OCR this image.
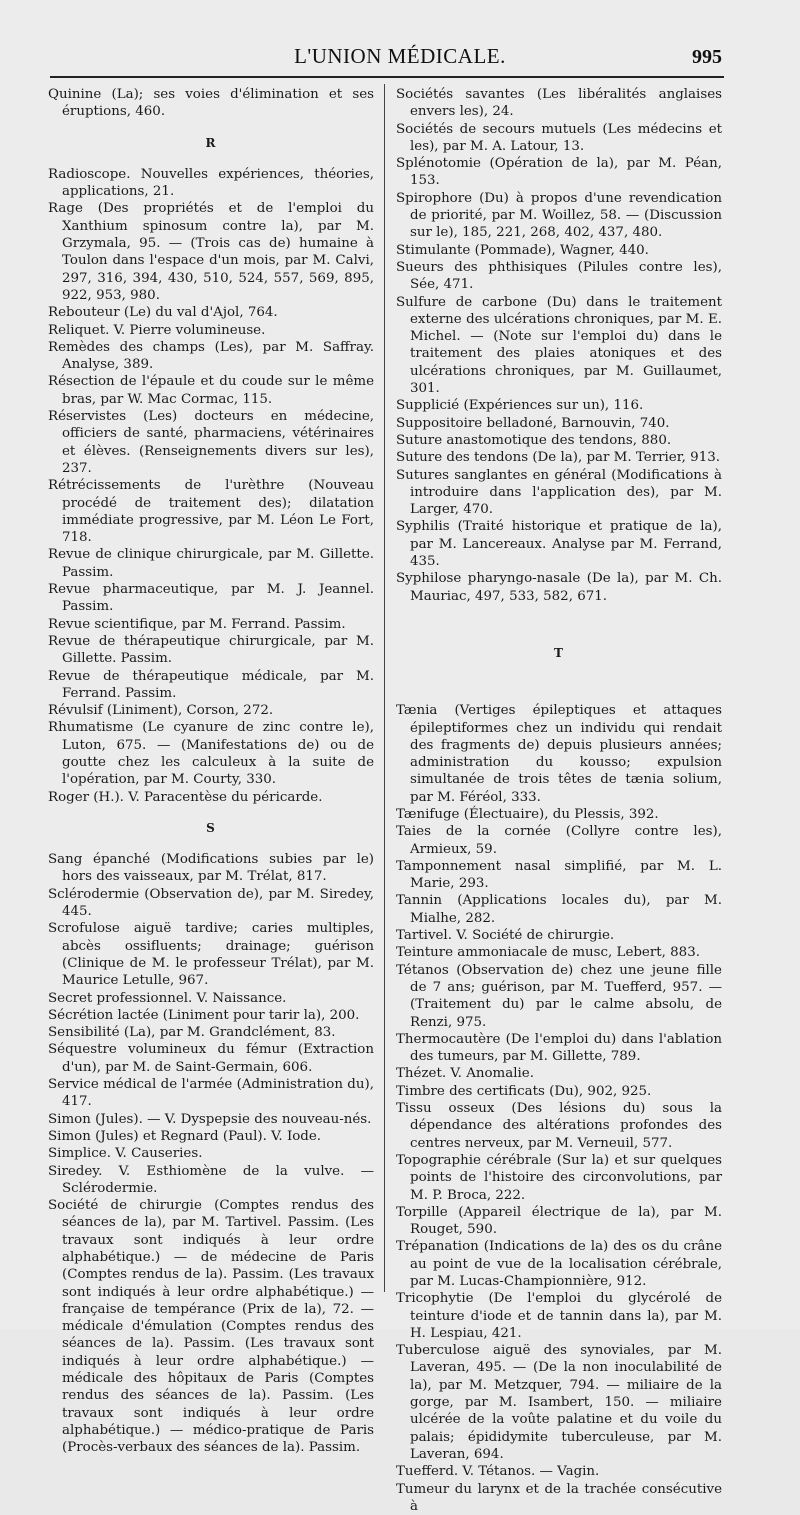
L'UNION MÉDICALE.	995

Quinine (La); ses voies d'élimination et ses éruptions, 460.

R

Radioscope. Nouvelles expériences, théories, applications, 21.

Rage (Des propriétés et de l'emploi du Xanthium spinosum contre la), par M. Grzymala, 95. — (Trois cas de) humaine à Toulon dans l'espace d'un mois, par M. Calvi, 297, 316, 394, 430, 510, 524, 557, 569, 895, 922, 953, 980.

Rebouteur (Le) du val d'Ajol, 764.

Reliquet. V. Pierre volumineuse.

Remèdes des champs (Les), par M. Saffray. Analyse, 389.

Résection de l'épaule et du coude sur le même bras, par W. Mac Cormac, 115.

Réservistes (Les) docteurs en médecine, officiers de santé, pharmaciens, vétérinaires et élèves. (Renseignements divers sur les), 237.

Rétrécissements de l'urèthre (Nouveau procédé de traitement des); dilatation immédiate progressive, par M. Léon Le Fort, 718.

Revue de clinique chirurgicale, par M. Gillette. Passim.

Revue pharmaceutique, par M. J. Jeannel. Passim.

Revue scientifique, par M. Ferrand. Passim.

Revue de thérapeutique chirurgicale, par M. Gillette. Passim.

Revue de thérapeutique médicale, par M. Ferrand. Passim.

Révulsif (Liniment), Corson, 272.

Rhumatisme (Le cyanure de zinc contre le), Luton, 675. — (Manifestations de) ou de goutte chez les calculeux à la suite de l'opération, par M. Courty, 330.

Roger (H.). V. Paracentèse du péricarde.

S

Sang épanché (Modifications subies par le) hors des vaisseaux, par M. Trélat, 817.

Sclérodermie (Observation de), par M. Siredey, 445.

Scrofulose aiguë tardive; caries multiples, abcès ossifluents; drainage; guérison (Clinique de M. le professeur Trélat), par M. Maurice Letulle, 967.

Secret professionnel. V. Naissance.

Sécrétion lactée (Liniment pour tarir la), 200.

Sensibilité (La), par M. Grandclément, 83.

Séquestre volumineux du fémur (Extraction d'un), par M. de Saint-Germain, 606.

Service médical de l'armée (Administration du), 417.

Simon (Jules). — V. Dyspepsie des nouveau-nés.

Simon (Jules) et Regnard (Paul). V. Iode.

Simplice. V. Causeries.

Siredey. V. Esthiomène de la vulve. — Sclérodermie.

Société de chirurgie (Comptes rendus des séances de la), par M. Tartivel. Passim. (Les travaux sont indiqués à leur ordre alphabétique.) — de médecine de Paris (Comptes rendus de la). Passim. (Les travaux sont indiqués à leur ordre alphabétique.) — française de tempérance (Prix de la), 72. — médicale d'émulation (Comptes rendus des séances de la). Passim. (Les travaux sont indiqués à leur ordre alphabétique.) — médicale des hôpitaux de Paris (Comptes rendus des séances de la). Passim. (Les travaux sont indiqués à leur ordre alphabétique.) — médico-pratique de Paris (Procès-verbaux des séances de la). Passim.

Sociétés savantes (Les libéralités anglaises envers les), 24.

Sociétés de secours mutuels (Les médecins et les), par M. A. Latour, 13.

Splénotomie (Opération de la), par M. Péan, 153.

Spirophore (Du) à propos d'une revendication de priorité, par M. Woillez, 58. — (Discussion sur le), 185, 221, 268, 402, 437, 480.

Stimulante (Pommade), Wagner, 440.

Sueurs des phthisiques (Pilules contre les), Sée, 471.

Sulfure de carbone (Du) dans le traitement externe des ulcérations chroniques, par M. E. Michel. — (Note sur l'emploi du) dans le traitement des plaies atoniques et des ulcérations chroniques, par M. Guillaumet, 301.

Supplicié (Expériences sur un), 116.

Suppositoire belladoné, Barnouvin, 740.

Suture anastomotique des tendons, 880.

Suture des tendons (De la), par M. Terrier, 913.

Sutures sanglantes en général (Modifications à introduire dans l'application des), par M. Larger, 470.

Syphilis (Traité historique et pratique de la), par M. Lancereaux. Analyse par M. Ferrand, 435.

Syphilose pharyngo-nasale (De la), par M. Ch. Mauriac, 497, 533, 582, 671.

T

Tænia (Vertiges épileptiques et attaques épileptiformes chez un individu qui rendait des fragments de) depuis plusieurs années; administration du kousso; expulsion simultanée de trois têtes de tænia solium, par M. Féréol, 333.

Tænifuge (Électuaire), du Plessis, 392.

Taies de la cornée (Collyre contre les), Armieux, 59.

Tamponnement nasal simplifié, par M. L. Marie, 293.

Tannin (Applications locales du), par M. Mialhe, 282.

Tartivel. V. Société de chirurgie.

Teinture ammoniacale de musc, Lebert, 883.

Tétanos (Observation de) chez une jeune fille de 7 ans; guérison, par M. Tuefferd, 957. — (Traitement du) par le calme absolu, de Renzi, 975.

Thermocautère (De l'emploi du) dans l'ablation des tumeurs, par M. Gillette, 789.

Thézet. V. Anomalie.

Timbre des certificats (Du), 902, 925.

Tissu osseux (Des lésions du) sous la dépendance des altérations profondes des centres nerveux, par M. Verneuil, 577.

Topographie cérébrale (Sur la) et sur quelques points de l'histoire des circonvolutions, par M. P. Broca, 222.

Torpille (Appareil électrique de la), par M. Rouget, 590.

Trépanation (Indications de la) des os du crâne au point de vue de la localisation cérébrale, par M. Lucas-Championnière, 912.

Tricophytie (De l'emploi du glycérolé de teinture d'iode et de tannin dans la), par M. H. Lespiau, 421.

Tuberculose aiguë des synoviales, par M. Laveran, 495. — (De la non inoculabilité de la), par M. Metzquer, 794. — miliaire de la gorge, par M. Isambert, 150. — miliaire ulcérée de la voûte palatine et du voile du palais; épididymite tuberculeuse, par M. Laveran, 694.

Tuefferd. V. Tétanos. — Vagin.

Tumeur du larynx et de la trachée consécutive à
